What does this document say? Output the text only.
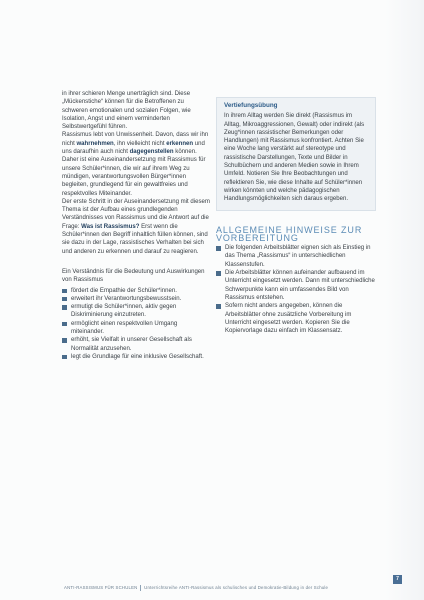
in ihrer schieren Menge unerträglich sind. Diese „Mückenstiche“ können für die Betroffenen zu schweren emotionalen und sozialen Folgen, wie Isolation, Angst und einem verminderten Selbstwertgefühl führen.

Rassismus lebt von Unwissenheit. Davon, dass wir ihn nicht wahrnehmen, ihn vielleicht nicht erkennen und uns daraufhin auch nicht dagegenstellen können. Daher ist eine Auseinandersetzung mit Rassismus für unsere Schüler*innen, die wir auf ihrem Weg zu mündigen, verantwortungsvollen Bürger*innen begleiten, grundlegend für ein gewaltfreies und respektvolles Miteinander.

Der erste Schritt in der Auseinandersetzung mit diesem Thema ist der Aufbau eines grundlegenden Verständnisses von Rassismus und die Antwort auf die Frage: Was ist Rassismus? Erst wenn die Schüler*innen den Begriff inhaltlich füllen können, sind sie dazu in der Lage, rassistisches Verhalten bei sich und anderen zu erkennen und darauf zu reagieren.

Ein Verständnis für die Bedeutung und Auswirkungen von Rassismus

fördert die Empathie der Schüler*innen.
erweitert ihr Verantwortungsbewusstsein.
ermutigt die Schüler*innen, aktiv gegen Diskriminierung einzutreten.
ermöglicht einen respektvollen Umgang miteinander.
erhöht, sie Vielfalt in unserer Gesellschaft als Normalität anzusehen.
legt die Grundlage für eine inklusive Gesellschaft.
Vertiefungsübung

In ihrem Alltag werden Sie direkt (Rassismus im Alltag, Mikroaggressionen, Gewalt) oder indirekt (als Zeug*innen rassistischer Bemerkungen oder Handlungen) mit Rassismus konfrontiert. Achten Sie eine Woche lang verstärkt auf stereotype und rassistische Darstellungen, Texte und Bilder in Schulbüchern und anderen Medien sowie in Ihrem Umfeld. Notieren Sie Ihre Beobachtungen und reflektieren Sie, wie diese Inhalte auf Schüler*innen wirken könnten und welche pädagogischen Handlungsmöglichkeiten sich daraus ergeben.

ALLGEMEINE HINWEISE ZUR VORBEREITUNG
Die folgenden Arbeitsblätter eignen sich als Einstieg in das Thema „Rassismus“ in unterschiedlichen Klassenstufen.
Die Arbeitsblätter können aufeinander aufbauend im Unterricht eingesetzt werden. Dann mit unterschiedliche Schwerpunkte kann ein umfassendes Bild von Rassismus entstehen.
Sofern nicht anders angegeben, können die Arbeitsblätter ohne zusätzliche Vorbereitung im Unterricht eingesetzt werden. Kopieren Sie die Kopiervorlage dazu einfach im Klassensatz.
ANTI-RASSISMUS FÜR SCHULEN Unterrichtsreihe ANTI-Rassismus als schulisches und Demokratie-Bildung in der Schule
7
